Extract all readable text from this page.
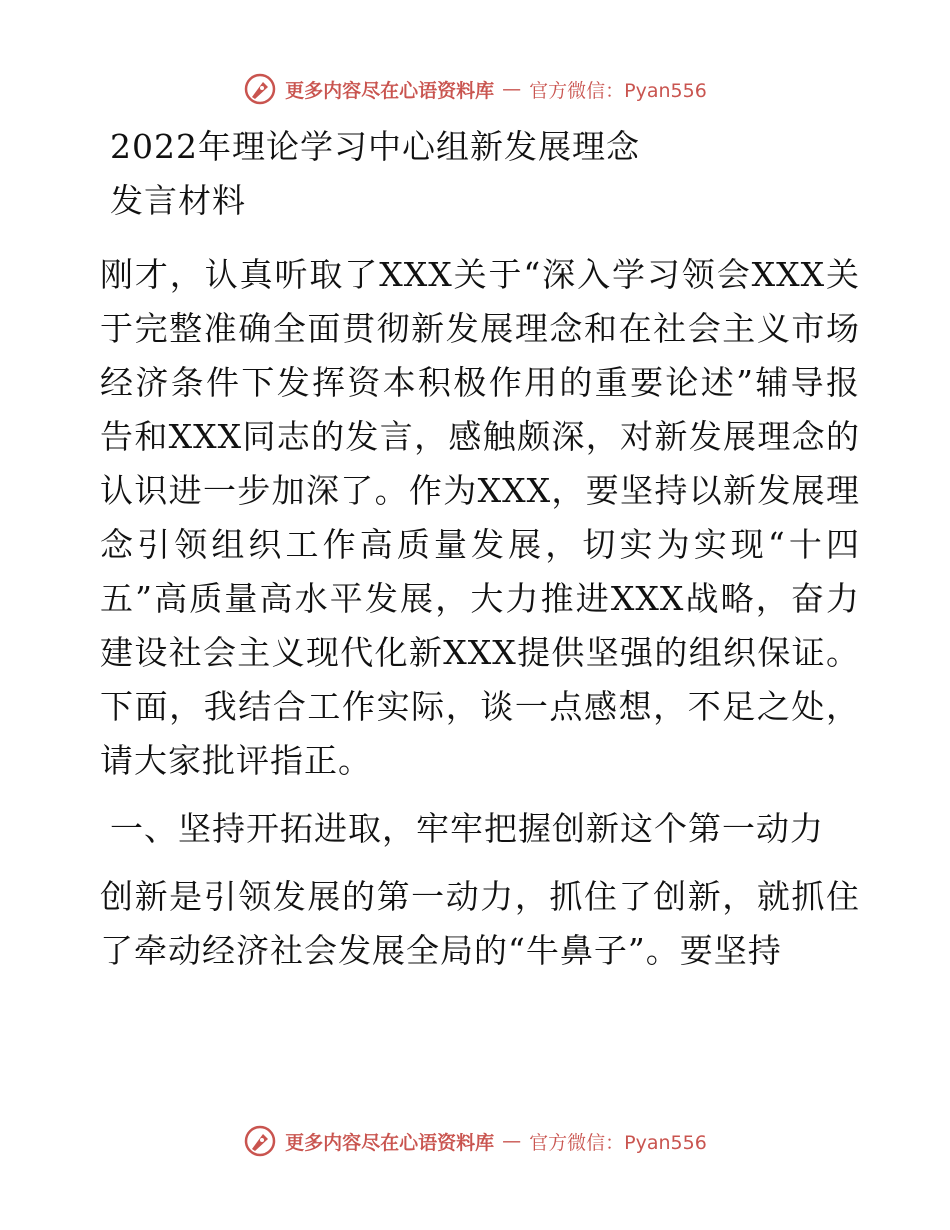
更多内容尽在心语资料库 — 官方微信：Pyan556
2022年理论学习中心组新发展理念
发言材料

刚才，认真听取了XXX关于“深入学习领会XXX关于完整准确全面贯彻新发展理念和在社会主义市场经济条件下发挥资本积极作用的重要论述”辅导报告和XXX同志的发言，感触颇深，对新发展理念的认识进一步加深了。作为XXX，要坚持以新发展理念引领组织工作高质量发展，切实为实现“十四五”高质量高水平发展，大力推进XXX战略，奋力建设社会主义现代化新XXX提供坚强的组织保证。下面，我结合工作实际，谈一点感想，不足之处，请大家批评指正。

一、坚持开拓进取，牢牢把握创新这个第一动力

创新是引领发展的第一动力，抓住了创新，就抓住了牵动经济社会发展全局的“牛鼻子”。要坚持

更多内容尽在心语资料库 — 官方微信：Pyan556
